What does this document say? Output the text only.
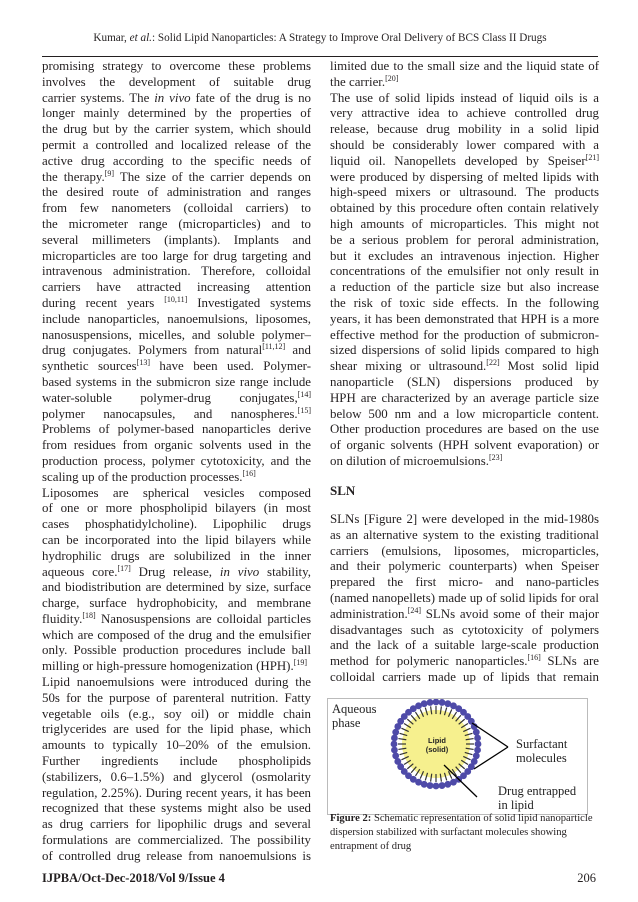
Kumar, et al.: Solid Lipid Nanoparticles: A Strategy to Improve Oral Delivery of BCS Class II Drugs
promising strategy to overcome these problems
involves the development of suitable drug
carrier systems. The in vivo fate of the drug is no
longer mainly determined by the properties of
the drug but by the carrier system, which should
permit a controlled and localized release of the
active drug according to the specific needs of
the therapy.[9] The size of the carrier depends on
the desired route of administration and ranges
from few nanometers (colloidal carriers) to
the micrometer range (microparticles) and to
several millimeters (implants). Implants and
microparticles are too large for drug targeting and
intravenous administration. Therefore, colloidal
carriers have attracted increasing attention
during recent years [10,11] Investigated systems
include nanoparticles, nanoemulsions, liposomes,
nanosuspensions, micelles, and soluble polymer–
drug conjugates. Polymers from natural[11,12] and
synthetic sources[13] have been used. Polymer-
based systems in the submicron size range include
water-soluble polymer-drug conjugates,[14]
polymer nanocapsules, and nanospheres.[15]
Problems of polymer-based nanoparticles derive
from residues from organic solvents used in the
production process, polymer cytotoxicity, and the
scaling up of the production processes.[16]
Liposomes are spherical vesicles composed
of one or more phospholipid bilayers (in most
cases phosphatidylcholine). Lipophilic drugs
can be incorporated into the lipid bilayers while
hydrophilic drugs are solubilized in the inner
aqueous core.[17] Drug release, in vivo stability,
and biodistribution are determined by size, surface
charge, surface hydrophobicity, and membrane
fluidity.[18] Nanosuspensions are colloidal particles
which are composed of the drug and the emulsifier
only. Possible production procedures include ball
milling or high-pressure homogenization (HPH).[19]
Lipid nanoemulsions were introduced during the
50s for the purpose of parenteral nutrition. Fatty
vegetable oils (e.g., soy oil) or middle chain
triglycerides are used for the lipid phase, which
amounts to typically 10–20% of the emulsion.
Further ingredients include phospholipids
(stabilizers, 0.6–1.5%) and glycerol (osmolarity
regulation, 2.25%). During recent years, it has been
recognized that these systems might also be used
as drug carriers for lipophilic drugs and several
formulations are commercialized. The possibility
of controlled drug release from nanoemulsions is
limited due to the small size and the liquid state of
the carrier.[20]
The use of solid lipids instead of liquid oils is a
very attractive idea to achieve controlled drug
release, because drug mobility in a solid lipid
should be considerably lower compared with a
liquid oil. Nanopellets developed by Speiser[21]
were produced by dispersing of melted lipids with
high-speed mixers or ultrasound. The products
obtained by this procedure often contain relatively
high amounts of microparticles. This might not
be a serious problem for peroral administration,
but it excludes an intravenous injection. Higher
concentrations of the emulsifier not only result in
a reduction of the particle size but also increase
the risk of toxic side effects. In the following
years, it has been demonstrated that HPH is a more
effective method for the production of submicron-
sized dispersions of solid lipids compared to high
shear mixing or ultrasound.[22] Most solid lipid
nanoparticle (SLN) dispersions produced by
HPH are characterized by an average particle size
below 500 nm and a low microparticle content.
Other production procedures are based on the use
of organic solvents (HPH solvent evaporation) or
on dilution of microemulsions.[23]
SLN
SLNs [Figure 2] were developed in the mid-1980s
as an alternative system to the existing traditional
carriers (emulsions, liposomes, microparticles,
and their polymeric counterparts) when Speiser
prepared the first micro- and nano-particles
(named nanopellets) made up of solid lipids for oral
administration.[24] SLNs avoid some of their major
disadvantages such as cytotoxicity of polymers
and the lack of a suitable large-scale production
method for polymeric nanoparticles.[16] SLNs are
colloidal carriers made up of lipids that remain
Aqueous
phase
Lipid
(solid)	Surfactant
molecules
Drug entrapped
in lipid
Figure 2: Schematic representation of solid lipid nanoparticle dispersion stabilized with surfactant molecules showing entrapment of drug
IJPBA/Oct-Dec-2018/Vol 9/Issue 4	206
